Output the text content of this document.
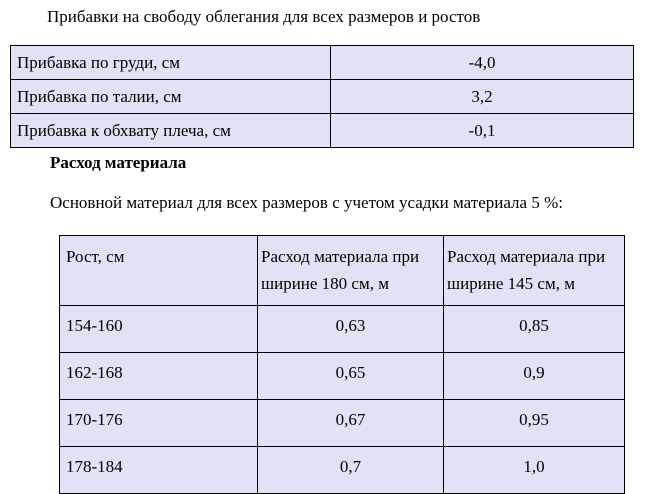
Прибавки на свободу облегания для всех размеров и ростов
Прибавка по груди, см	-4,0
Прибавка по талии, см	3,2
Прибавка к обхвату плеча, см	-0,1
Расход материала
Основной материал для всех размеров с учетом усадки материала 5 %:
Рост, см	Расход материала при ширине 180 см, м	Расход материала при ширине 145 см, м
154-160	0,63	0,85
162-168	0,65	0,9
170-176	0,67	0,95
178-184	0,7	1,0
